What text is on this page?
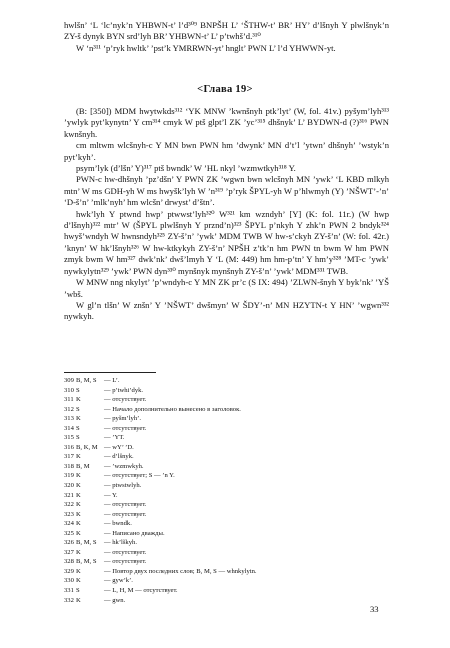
hwlšn’ ‘L ‘lc’nyk’n YHBWN-t’ l’d³⁰⁹ BNPŠH L’ ‘ŠTHW-t’ BR’ HY’ d’lšnyh Y plwlšnyk’n ZY-š dynyk BYN srd’lyh BR’ YHBWN-t’ L’ p’twhš’d.³¹⁰

W ‘n³¹¹ ‘p’ryk hwltk’ ’pst’k YMRRWN-yt’ hnglt’ PWN L’ l’d YHWWN-yt.

<Глава 19>

(B: [350]) MDM hwytwkds³¹² ‘YK MNW ’kwnšnyh ptk’lyt’ (W, fol. 41v.) pyšym’lyh³¹³ ’ywlyk pyt’kynytn’ Y cm³¹⁴ cmyk W ptš glpt’l ZK ’yc’³¹⁵ dhšnyk’ L’ BYDWN-d (?)³¹⁶ PWN kwnšnyh.

cm mltwm wlcšnyh-c Y MN bwn PWN hm ’dwynk’ MN d’t’l ’ytwn’ dhšnyh’ ’wstyk’n pyt’kyh’.

psym’lyk (d’lšn’ Y)³¹⁷ ptš bwndk’ W ’HL nkyl ’wzmwtkyh³¹⁸ Y.

PWN-c hw-dhšnyh ’pz’dšn’ Y PWN ZK ’wgwn bwn wlcšnyh MN ’ywk’ ‘L KBD mlkyh mtn’ W ms GDH-yh W ms hwyšk’lyh W ’n³¹⁹ ’p’ryk ŠPYL-yh W p’hlwmyh (Y) ’NŠWT’-’n’ ‘D-š’n’ ’mlk’nyh’ hm wlcšn’ drwyst’ d’štn’.

hwk’lyh Y ptwnd hwp’ ptwwst’lyh³²⁰ W³²¹ km wzndyh’ [Y] (K: fol. 11r.) (W hwp d’lšnyh)³²² mtr’ W (ŠPYL plwlšnyh Y prznd’n)³²³ ŠPYL p’nkyh Y zhk’n PWN 2 bndyk³²⁴ hwyš’wndyh W hwnsndyh³²⁵ ZY-š’n’ ’ywk’ MDM TWB W hw-s’ckyh ZY-š’n’ (W: fol. 42r.) ’knyn’ W hk’lšnyh³²⁶ W hw-ktkykyh ZY-š’n’ NPŠH z’tk’n hm PWN tn bwm W hm PWN zmyk bwm W hm³²⁷ dwk’nk’ dwš’lmyh Y ‘L (M: 449) hm hm-p’tn’ Y hm’y³²⁸ ’MT-c ’ywk’ nywkylytn³²⁹ ’ywk’ PWN dyn³³⁰ mynšnyk mynšnyh ZY-š’n’ ’ywk’ MDM³³¹ TWB.

W MNW nng nkylyt’ ’p’wndyh-c Y MN ZK pr’c (S IX: 494) ’ZLWN-šnyh Y byk’nk’ ’YŠ ’wbš.

W gl’n tlšn’ W znšn’ Y ’NŠWT’ dwšmyn’ W ŠDY’-n’ MN HZYTN-t Y HN’ ’wgwn³³² nywkyh.

309 B, M, S	— L’.
310 S	— p’twhi’dyk.
311 K	— отсутствует.
312 S	— Начало дополнительно вынесено в заголовок.
313 K	— pyšm’lyh’.
314 S	— отсутствует.
315 S	— ’YT.
316 B, K, M — wY’ ’D.
317 K	— d’lšnyk.
318 B, M	— ’wzmwkyh.
319 K	— отсутствует; S — ’n Y.
320 K	— ptwstwlyh.
321 K	— Y.
322 K	— отсутствует.
323 K	— отсутствует.
324 K	— bwndk.
325 K	— Написано дважды.
326 B, M, S	— hk’lškyh.
327 K	— отсутствует.
328 B, M, S	— отсутствует.
329 K	— Повтор двух последних слов; B, M, S — whnkylytn.
330 K	— gyw’k’.
331 S	— L, H, M — отсутствует.
332 K	— gwn.
33
